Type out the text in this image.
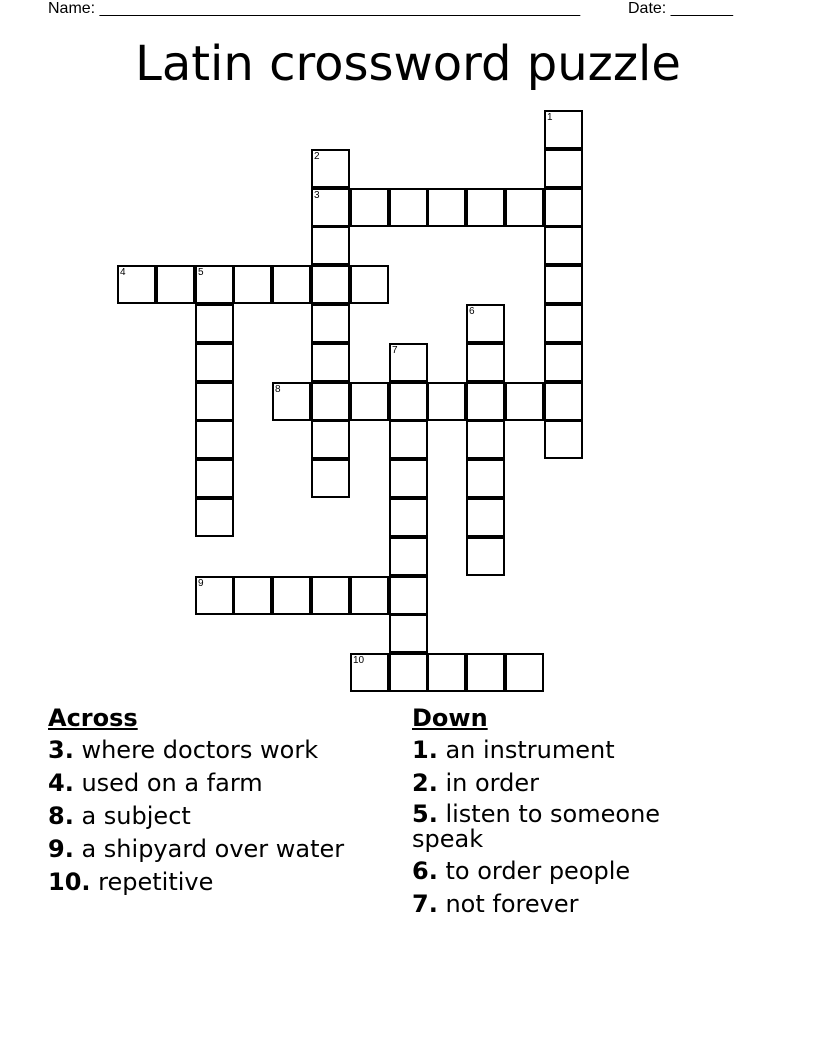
Name: ______________________________________________________	Date: _______
Latin crossword puzzle
1
2
3
4	5
6
7
8
9
10
Across

3. where doctors work

4. used on a farm

8. a subject

9. a shipyard over water

10. repetitive

Down

1. an instrument

2. in order

5. listen to someone speak

6. to order people

7. not forever
